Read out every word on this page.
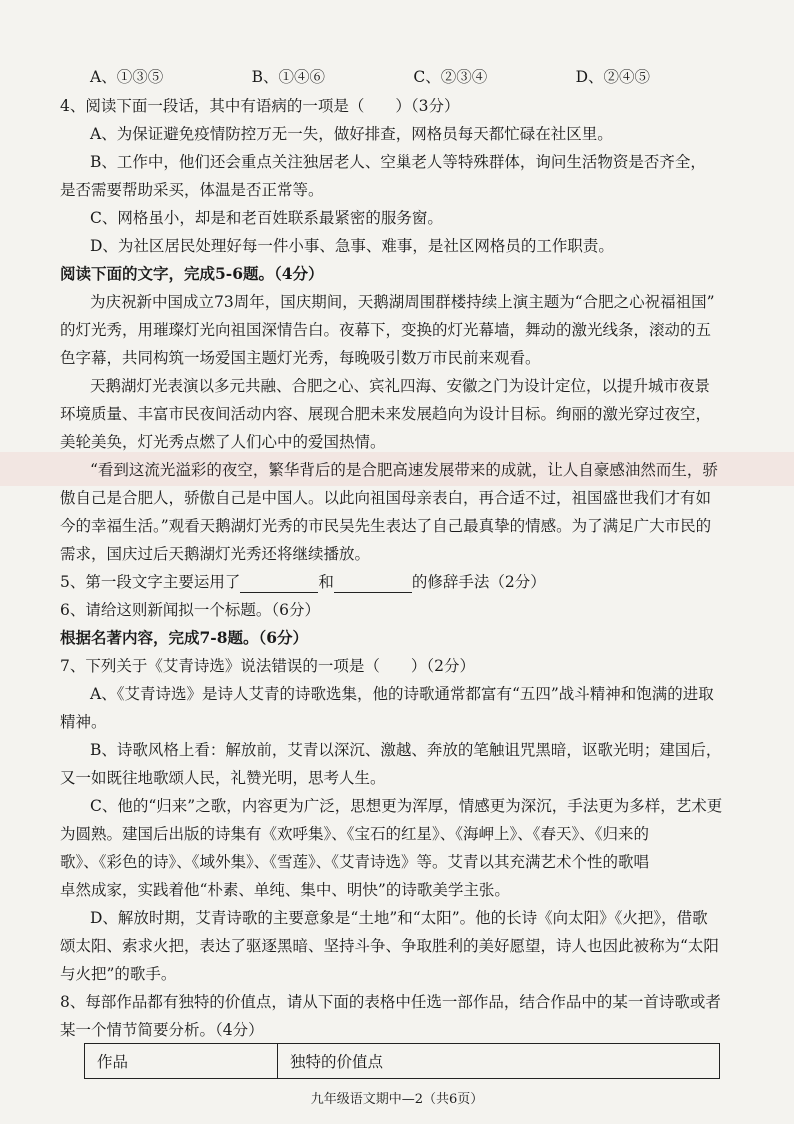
A、①③⑤	B、①④⑥	C、②③④	D、②④⑤
4、阅读下面一段话，其中有语病的一项是（　　）（3分）
A、为保证避免疫情防控万无一失，做好排查，网格员每天都忙碌在社区里。
B、工作中，他们还会重点关注独居老人、空巢老人等特殊群体，询问生活物资是否齐全，
是否需要帮助采买，体温是否正常等。
C、网格虽小，却是和老百姓联系最紧密的服务窗。
D、为社区居民处理好每一件小事、急事、难事，是社区网格员的工作职责。
阅读下面的文字，完成5-6题。（4分）
为庆祝新中国成立73周年，国庆期间，天鹅湖周围群楼持续上演主题为“合肥之心祝福祖国”
的灯光秀，用璀璨灯光向祖国深情告白。夜幕下，变换的灯光幕墙，舞动的激光线条，滚动的五
色字幕，共同构筑一场爱国主题灯光秀，每晚吸引数万市民前来观看。
天鹅湖灯光表演以多元共融、合肥之心、宾礼四海、安徽之门为设计定位，以提升城市夜景
环境质量、丰富市民夜间活动内容、展现合肥未来发展趋向为设计目标。绚丽的激光穿过夜空，
美轮美奂，灯光秀点燃了人们心中的爱国热情。
“看到这流光溢彩的夜空，繁华背后的是合肥高速发展带来的成就，让人自豪感油然而生，骄
傲自己是合肥人，骄傲自己是中国人。以此向祖国母亲表白，再合适不过，祖国盛世我们才有如
今的幸福生活。”观看天鹅湖灯光秀的市民吴先生表达了自己最真挚的情感。为了满足广大市民的
需求，国庆过后天鹅湖灯光秀还将继续播放。
5、第一段文字主要运用了	和	的修辞手法（2分）
6、请给这则新闻拟一个标题。（6分）
根据名著内容，完成7-8题。（6分）
7、下列关于《艾青诗选》说法错误的一项是（　　）（2分）
A、《艾青诗选》是诗人艾青的诗歌选集，他的诗歌通常都富有“五四”战斗精神和饱满的进取
精神。
B、诗歌风格上看：解放前，艾青以深沉、激越、奔放的笔触诅咒黑暗，讴歌光明；建国后，
又一如既往地歌颂人民，礼赞光明，思考人生。
C、他的“归来”之歌，内容更为广泛，思想更为浑厚，情感更为深沉，手法更为多样，艺术更
为圆熟。建国后出版的诗集有《欢呼集》、《宝石的红星》、《海岬上》、《春天》、《归来的
歌》、《彩色的诗》、《域外集》、《雪莲》、《艾青诗选》等。艾青以其充满艺术个性的歌唱
卓然成家，实践着他“朴素、单纯、集中、明快”的诗歌美学主张。
D、解放时期，艾青诗歌的主要意象是“土地”和“太阳”。他的长诗《向太阳》《火把》，借歌
颂太阳、索求火把，表达了驱逐黑暗、坚持斗争、争取胜利的美好愿望，诗人也因此被称为“太阳
与火把”的歌手。
8、每部作品都有独特的价值点，请从下面的表格中任选一部作品，结合作品中的某一首诗歌或者
某一个情节简要分析。（4分）
作品	独特的价值点
九年级语文期中—2（共6页）
